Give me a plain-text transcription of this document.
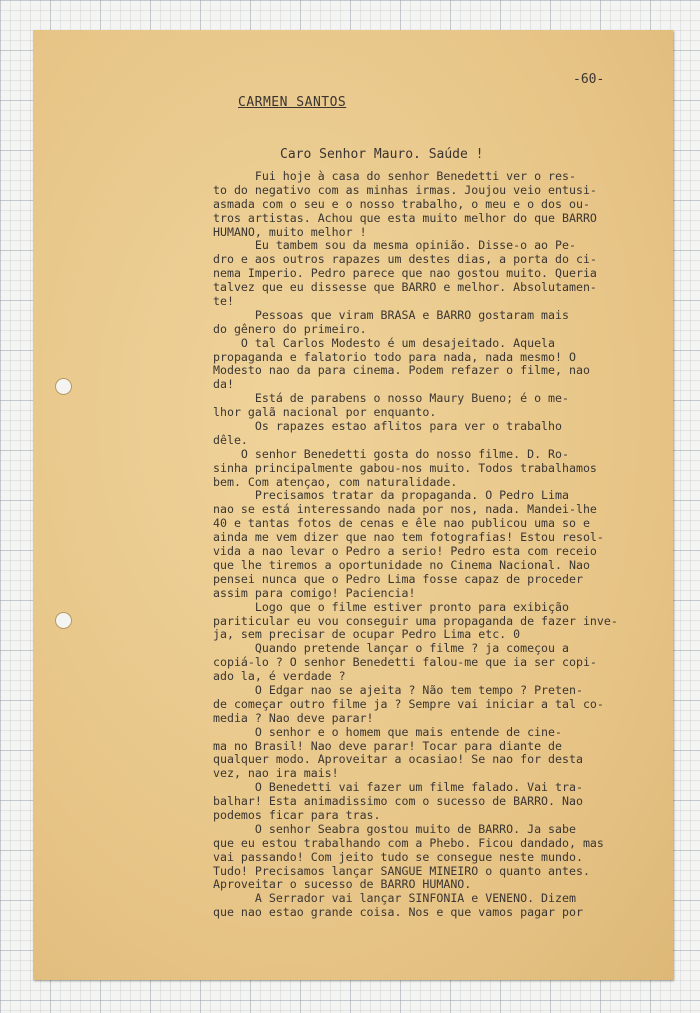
-60-
CARMEN SANTOS
Caro Senhor Mauro. Saúde !
Fui hoje à casa do senhor Benedetti ver o res-
to do negativo com as minhas irmas. Joujou veio entusi-
asmada com o seu e o nosso trabalho, o meu e o dos ou-
tros artistas. Achou que esta muito melhor do que BARRO
HUMANO, muito melhor !
Eu tambem sou da mesma opinião. Disse-o ao Pe-
dro e aos outros rapazes um destes dias, a porta do ci-
nema Imperio. Pedro parece que nao gostou muito. Queria
talvez que eu dissesse que BARRO e melhor. Absolutamen-
te!
Pessoas que viram BRASA e BARRO gostaram mais
do gênero do primeiro.
O tal Carlos Modesto é um desajeitado. Aquela
propaganda e falatorio todo para nada, nada mesmo! O
Modesto nao da para cinema. Podem refazer o filme, nao
da!
Está de parabens o nosso Maury Bueno; é o me-
lhor galã nacional por enquanto.
Os rapazes estao aflitos para ver o trabalho
dêle.
O senhor Benedetti gosta do nosso filme. D. Ro-
sinha principalmente gabou-nos muito. Todos trabalhamos
bem. Com atençao, com naturalidade.
Precisamos tratar da propaganda. O Pedro Lima
nao se está interessando nada por nos, nada. Mandei-lhe
40 e tantas fotos de cenas e êle nao publicou uma so e
ainda me vem dizer que nao tem fotografias! Estou resol-
vida a nao levar o Pedro a serio! Pedro esta com receio
que lhe tiremos a oportunidade no Cinema Nacional. Nao
pensei nunca que o Pedro Lima fosse capaz de proceder
assim para comigo! Paciencia!
Logo que o filme estiver pronto para exibição
pariticular eu vou conseguir uma propaganda de fazer inve-
ja, sem precisar de ocupar Pedro Lima etc. 0
Quando pretende lançar o filme ? ja começou a
copiá-lo ? O senhor Benedetti falou-me que ia ser copi-
ado la, é verdade ?
O Edgar nao se ajeita ? Não tem tempo ? Preten-
de começar outro filme ja ? Sempre vai iniciar a tal co-
media ? Nao deve parar!
O senhor e o homem que mais entende de cine-
ma no Brasil! Nao deve parar! Tocar para diante de
qualquer modo. Aproveitar a ocasiao! Se nao for desta
vez, nao ira mais!
O Benedetti vai fazer um filme falado. Vai tra-
balhar! Esta animadissimo com o sucesso de BARRO. Nao
podemos ficar para tras.
O senhor Seabra gostou muito de BARRO. Ja sabe
que eu estou trabalhando com a Phebo. Ficou dandado, mas
vai passando! Com jeito tudo se consegue neste mundo.
Tudo! Precisamos lançar SANGUE MINEIRO o quanto antes.
Aproveitar o sucesso de BARRO HUMANO.
A Serrador vai lançar SINFONIA e VENENO. Dizem
que nao estao grande coisa. Nos e que vamos pagar por
